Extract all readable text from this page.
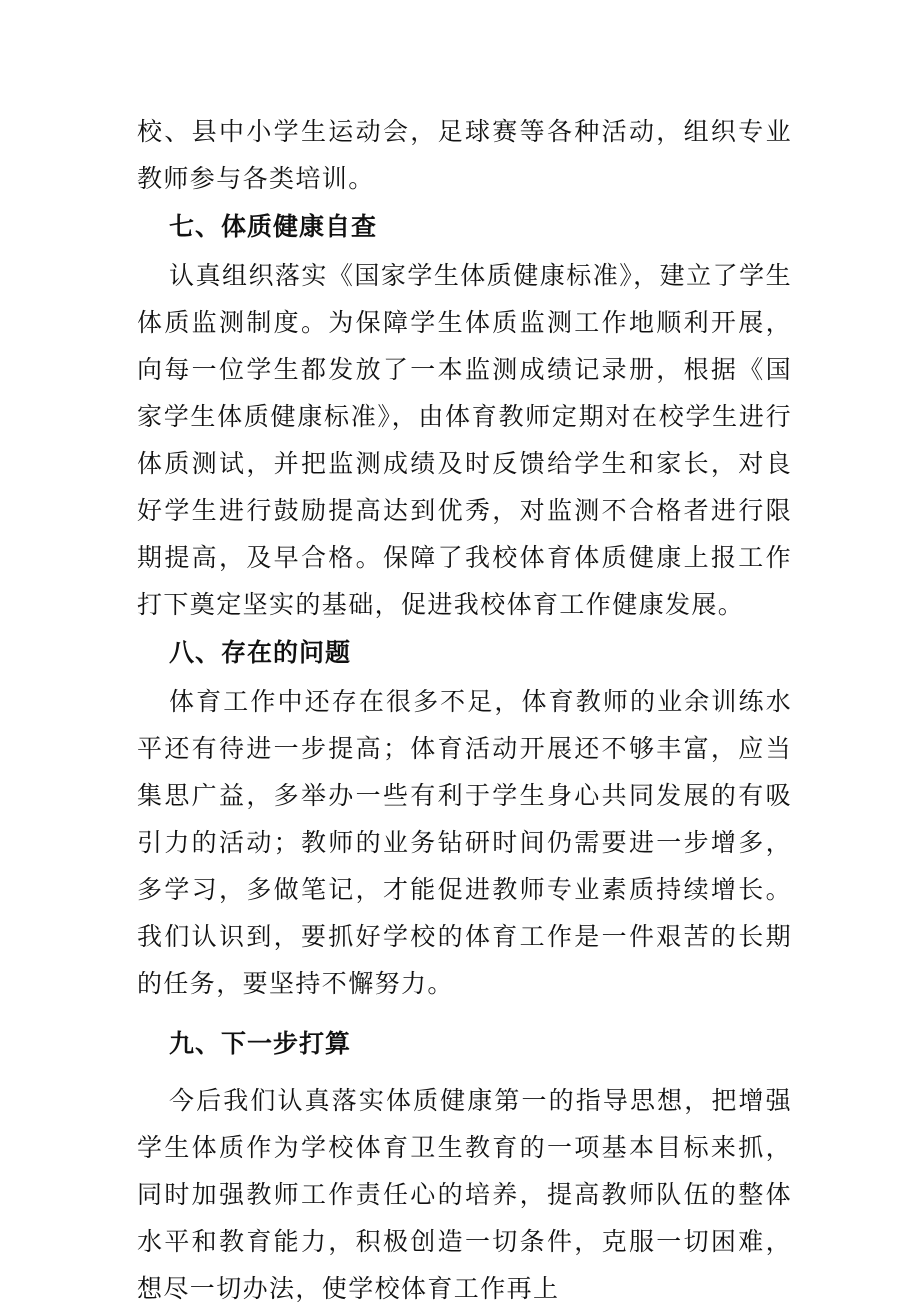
校、县中小学生运动会，足球赛等各种活动，组织专业教师参与各类培训。

七、体质健康自查

认真组织落实《国家学生体质健康标准》，建立了学生体质监测制度。为保障学生体质监测工作地顺利开展，向每一位学生都发放了一本监测成绩记录册，根据《国家学生体质健康标准》，由体育教师定期对在校学生进行体质测试，并把监测成绩及时反馈给学生和家长，对良好学生进行鼓励提高达到优秀，对监测不合格者进行限期提高，及早合格。保障了我校体育体质健康上报工作打下奠定坚实的基础，促进我校体育工作健康发展。

八、存在的问题

体育工作中还存在很多不足，体育教师的业余训练水平还有待进一步提高；体育活动开展还不够丰富，应当集思广益，多举办一些有利于学生身心共同发展的有吸引力的活动；教师的业务钻研时间仍需要进一步增多，多学习，多做笔记，才能促进教师专业素质持续增长。我们认识到，要抓好学校的体育工作是一件艰苦的长期的任务，要坚持不懈努力。

九、下一步打算

今后我们认真落实体质健康第一的指导思想，把增强学生体质作为学校体育卫生教育的一项基本目标来抓，同时加强教师工作责任心的培养，提高教师队伍的整体水平和教育能力，积极创造一切条件，克服一切困难，想尽一切办法，使学校体育工作再上
